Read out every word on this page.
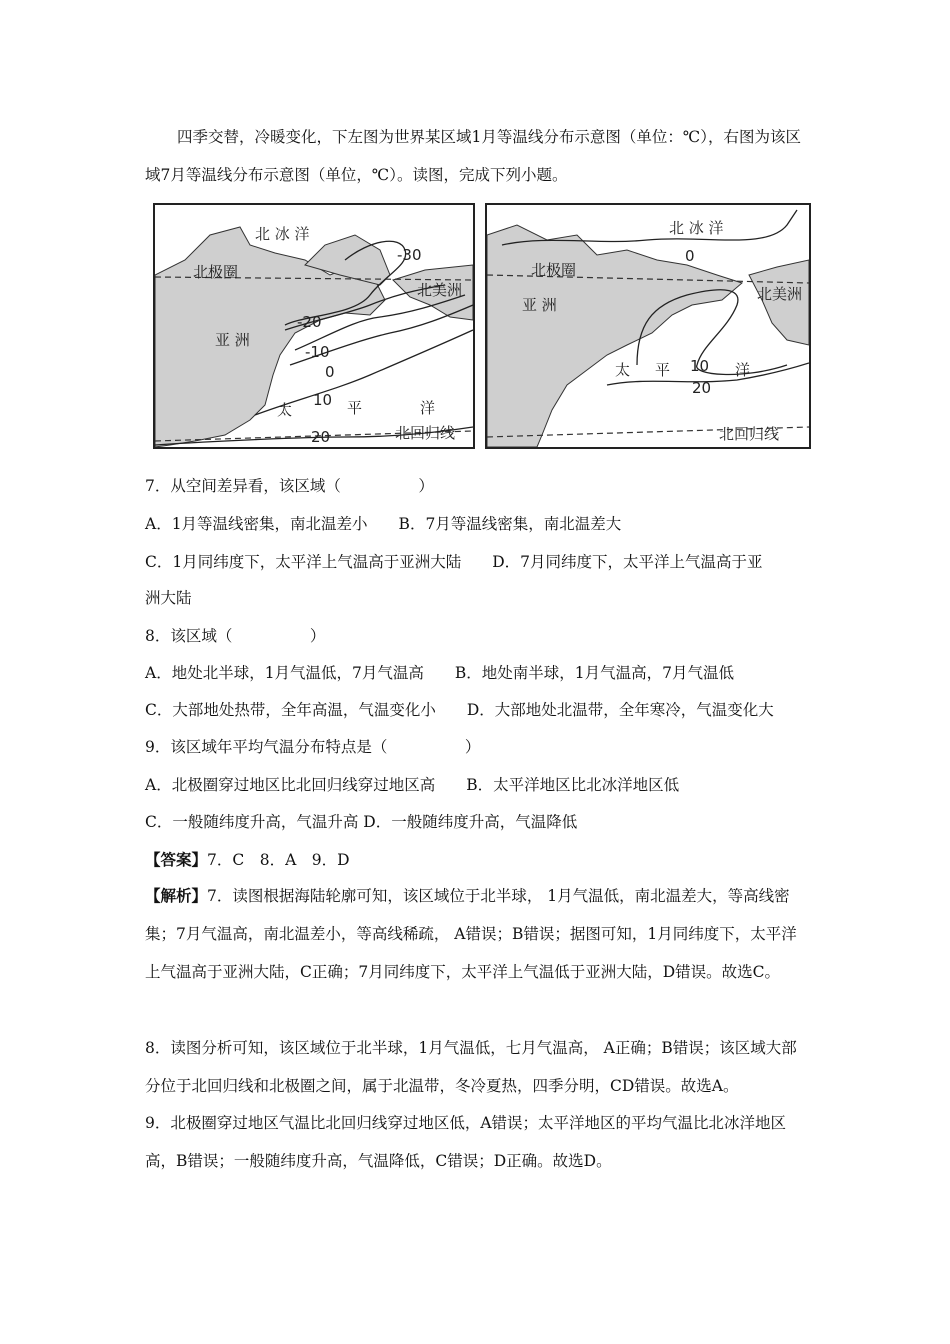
四季交替，冷暖变化，下左图为世界某区域1月等温线分布示意图（单位：℃），右图为该区域7月等温线分布示意图（单位，℃）。读图，完成下列小题。

北 冰 洋
北极圈
北美洲
亚 洲
太	平	洋
北回归线
-30
-20
-10
0
10
20
北 冰 洋
北极圈
北美洲
亚 洲
太 平	洋
北回归线
0
10
20
7．从空间差异看，该区域（　　　　　）
A．1月等温线密集，南北温差小　　B．7月等温线密集，南北温差大
C．1月同纬度下，太平洋上气温高于亚洲大陆　　D．7月同纬度下，太平洋上气温高于亚
洲大陆
8．该区域（　　　　　）
A．地处北半球，1月气温低，7月气温高　　B．地处南半球，1月气温高，7月气温低
C．大部地处热带，全年高温，气温变化小　　D．大部地处北温带，全年寒冷，气温变化大
9．该区域年平均气温分布特点是（　　　　　）
A．北极圈穿过地区比北回归线穿过地区高　　B．太平洋地区比北冰洋地区低
C．一般随纬度升高，气温升高 D．一般随纬度升高，气温降低
【答案】7．C　8．A　9．D

【解析】7．读图根据海陆轮廓可知，该区域位于北半球， 1月气温低，南北温差大，等高线密集；7月气温高，南北温差小，等高线稀疏， A错误；B错误；据图可知，1月同纬度下，太平洋上气温高于亚洲大陆，C正确；7月同纬度下，太平洋上气温低于亚洲大陆，D错误。故选C。

8．读图分析可知，该区域位于北半球，1月气温低，七月气温高， A正确；B错误；该区域大部分位于北回归线和北极圈之间，属于北温带，冬冷夏热，四季分明，CD错误。故选A。

9．北极圈穿过地区气温比北回归线穿过地区低，A错误；太平洋地区的平均气温比北冰洋地区高，B错误；一般随纬度升高，气温降低，C错误；D正确。故选D。
